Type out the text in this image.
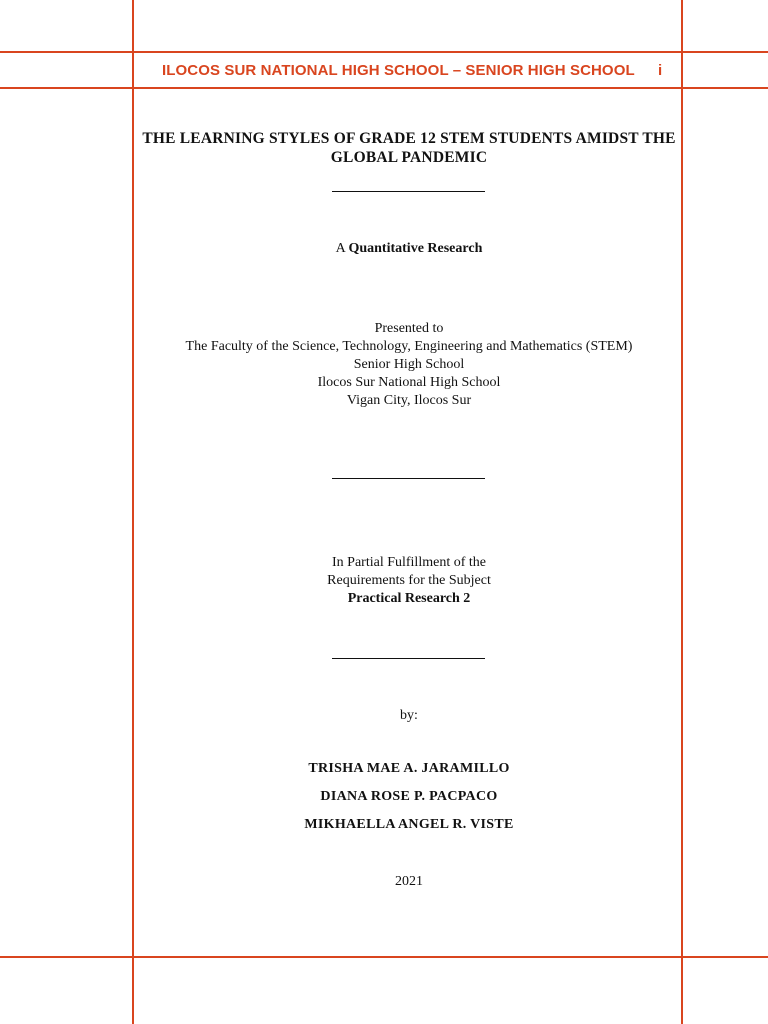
ILOCOS SUR NATIONAL HIGH SCHOOL – SENIOR HIGH SCHOOL i
THE LEARNING STYLES OF GRADE 12 STEM STUDENTS AMIDST THE
GLOBAL PANDEMIC
A Quantitative Research
Presented to
The Faculty of the Science, Technology, Engineering and Mathematics (STEM)
Senior High School
Ilocos Sur National High School
Vigan City, Ilocos Sur
In Partial Fulfillment of the
Requirements for the Subject
Practical Research 2
by:
TRISHA MAE A. JARAMILLO
DIANA ROSE P. PACPACO
MIKHAELLA ANGEL R. VISTE
2021
